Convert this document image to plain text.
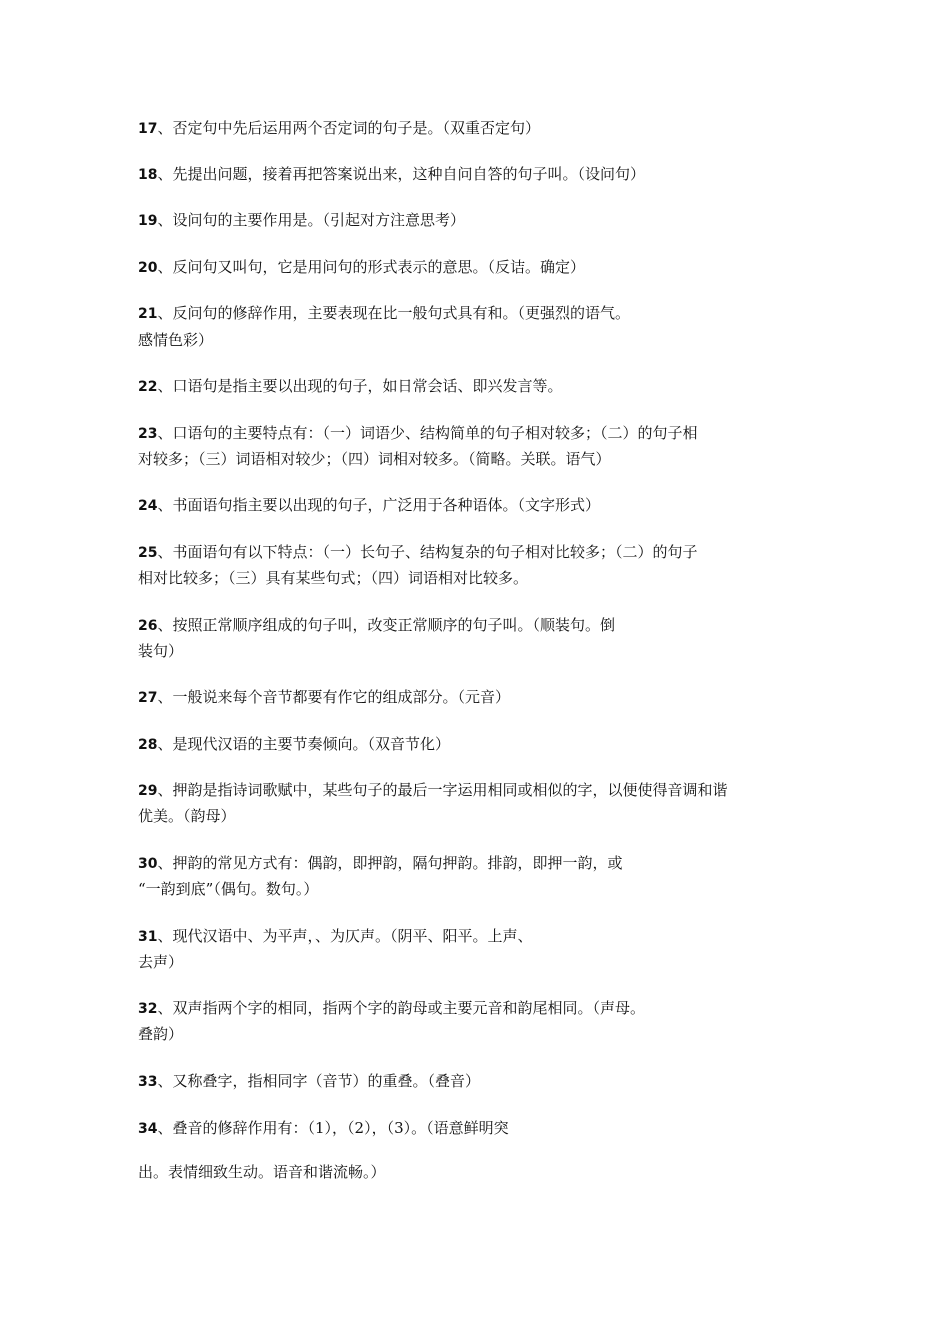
17、否定句中先后运用两个否定词的句子是。（双重否定句）
18、先提出问题，接着再把答案说出来，这种自问自答的句子叫。（设问句）
19、设问句的主要作用是。（引起对方注意思考）
20、反问句又叫句，它是用问句的形式表示的意思。（反诘。确定）
21、反问句的修辞作用，主要表现在比一般句式具有和。（更强烈的语气。
感情色彩）
22、口语句是指主要以出现的句子，如日常会话、即兴发言等。
23、口语句的主要特点有：（一）词语少、结构简单的句子相对较多；（二）的句子相
对较多；（三）词语相对较少；（四）词相对较多。（简略。关联。语气）
24、书面语句指主要以出现的句子，广泛用于各种语体。（文字形式）
25、书面语句有以下特点：（一）长句子、结构复杂的句子相对比较多；（二）的句子
相对比较多；（三）具有某些句式；（四）词语相对比较多。
26、按照正常顺序组成的句子叫，改变正常顺序的句子叫。（顺装句。倒
装句）
27、一般说来每个音节都要有作它的组成部分。（元音）
28、是现代汉语的主要节奏倾向。（双音节化）
29、押韵是指诗词歌赋中，某些句子的最后一字运用相同或相似的字，以便使得音调和谐
优美。（韵母）
30、押韵的常见方式有：偶韵，即押韵，隔句押韵。排韵，即押一韵，或
“一韵到底”（偶句。数句。）
31、现代汉语中、为平声，、为仄声。（阴平、阳平。上声、
去声）
32、双声指两个字的相同，指两个字的韵母或主要元音和韵尾相同。（声母。
叠韵）
33、又称叠字，指相同字（音节）的重叠。（叠音）
34、叠音的修辞作用有：（1），（2），（3）。（语意鲜明突
出。表情细致生动。语音和谐流畅。）
